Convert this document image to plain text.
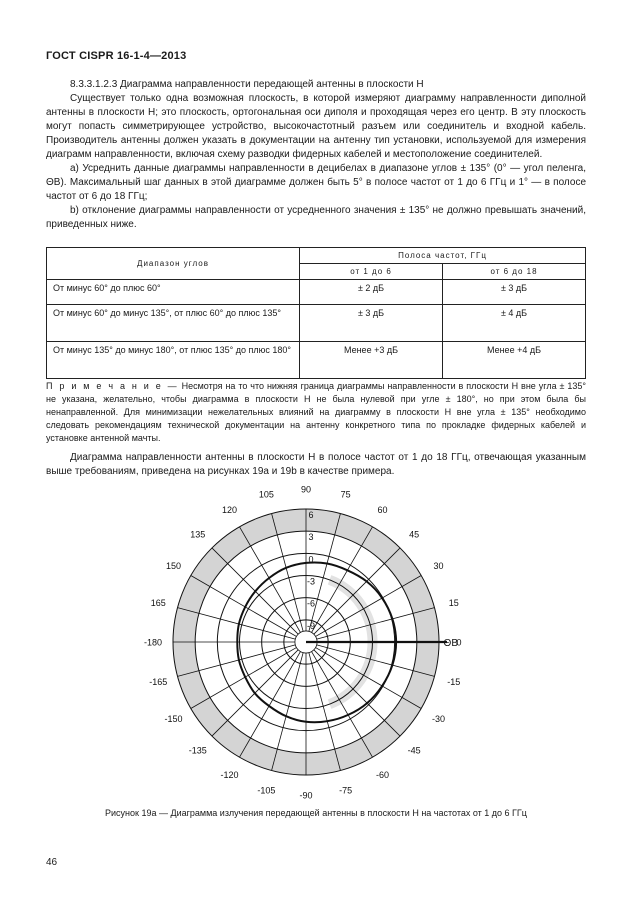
ГОСТ CISPR 16-1-4—2013

8.3.3.1.2.3 Диаграмма направленности передающей антенны в плоскости H

Существует только одна возможная плоскость, в которой измеряют диаграмму направленности диполной антенны в плоскости H; это плоскость, ортогональная оси диполя и проходящая через его центр. В эту плоскость могут попасть симметрирующее устройство, высокочастотный разъем или соединитель и входной кабель. Производитель антенны должен указать в документации на антенну тип установки, используемой для измерения диаграмм направленности, включая схему разводки фидерных кабелей и местоположение соединителей.

a) Усреднить данные диаграммы направленности в децибелах в диапазоне углов ± 135° (0° — угол пеленга, ΘB). Максимальный шаг данных в этой диаграмме должен быть 5° в полосе частот от 1 до 6 ГГц и 1° — в полосе частот от 6 до 18 ГГц;

b) отклонение диаграммы направленности от усредненного значения ± 135° не должно превышать значений, приведенных ниже.

Диапазон углов	Полоса частот, ГГц	
	от 1 до 6	от 6 до 18
От минус 60° до плюс 60°	± 2 дБ	± 3 дБ
От минус 60° до минус 135°, от плюс 60° до плюс 135°	± 3 дБ	± 4 дБ
От минус 135° до минус 180°, от плюс 135° до плюс 180°	Менее +3 дБ	Менее +4 дБ
П р и м е ч а н и е — Несмотря на то что нижняя граница диаграммы направленности в плоскости H вне угла ± 135° не указана, желательно, чтобы диаграмма в плоскости H не была нулевой при угле ± 180°, но при этом была бы ненаправленной. Для минимизации нежелательных влияний на диаграмму в плоскости H вне угла ± 135° необходимо следовать рекомендациям технической документации на антенну конкретного типа по прокладке фидерных кабелей и установке антенной мачты.
Диаграмма направленности антенны в плоскости H в полосе частот от 1 до 18 ГГц, отвечающая указанным выше требованиям, приведена на рисунках 19a и 19b в качестве примера.
90
75
60
45
30
15
0
-15
-30
-45
-60
-75
-90
-105
-120
-135
-150
-165
-180
165
150
135
120
105
ΘB
6
3
0
-3
-6
-9
Рисунок 19a — Диаграмма излучения передающей антенны в плоскости H на частотах от 1 до 6 ГГц
46
